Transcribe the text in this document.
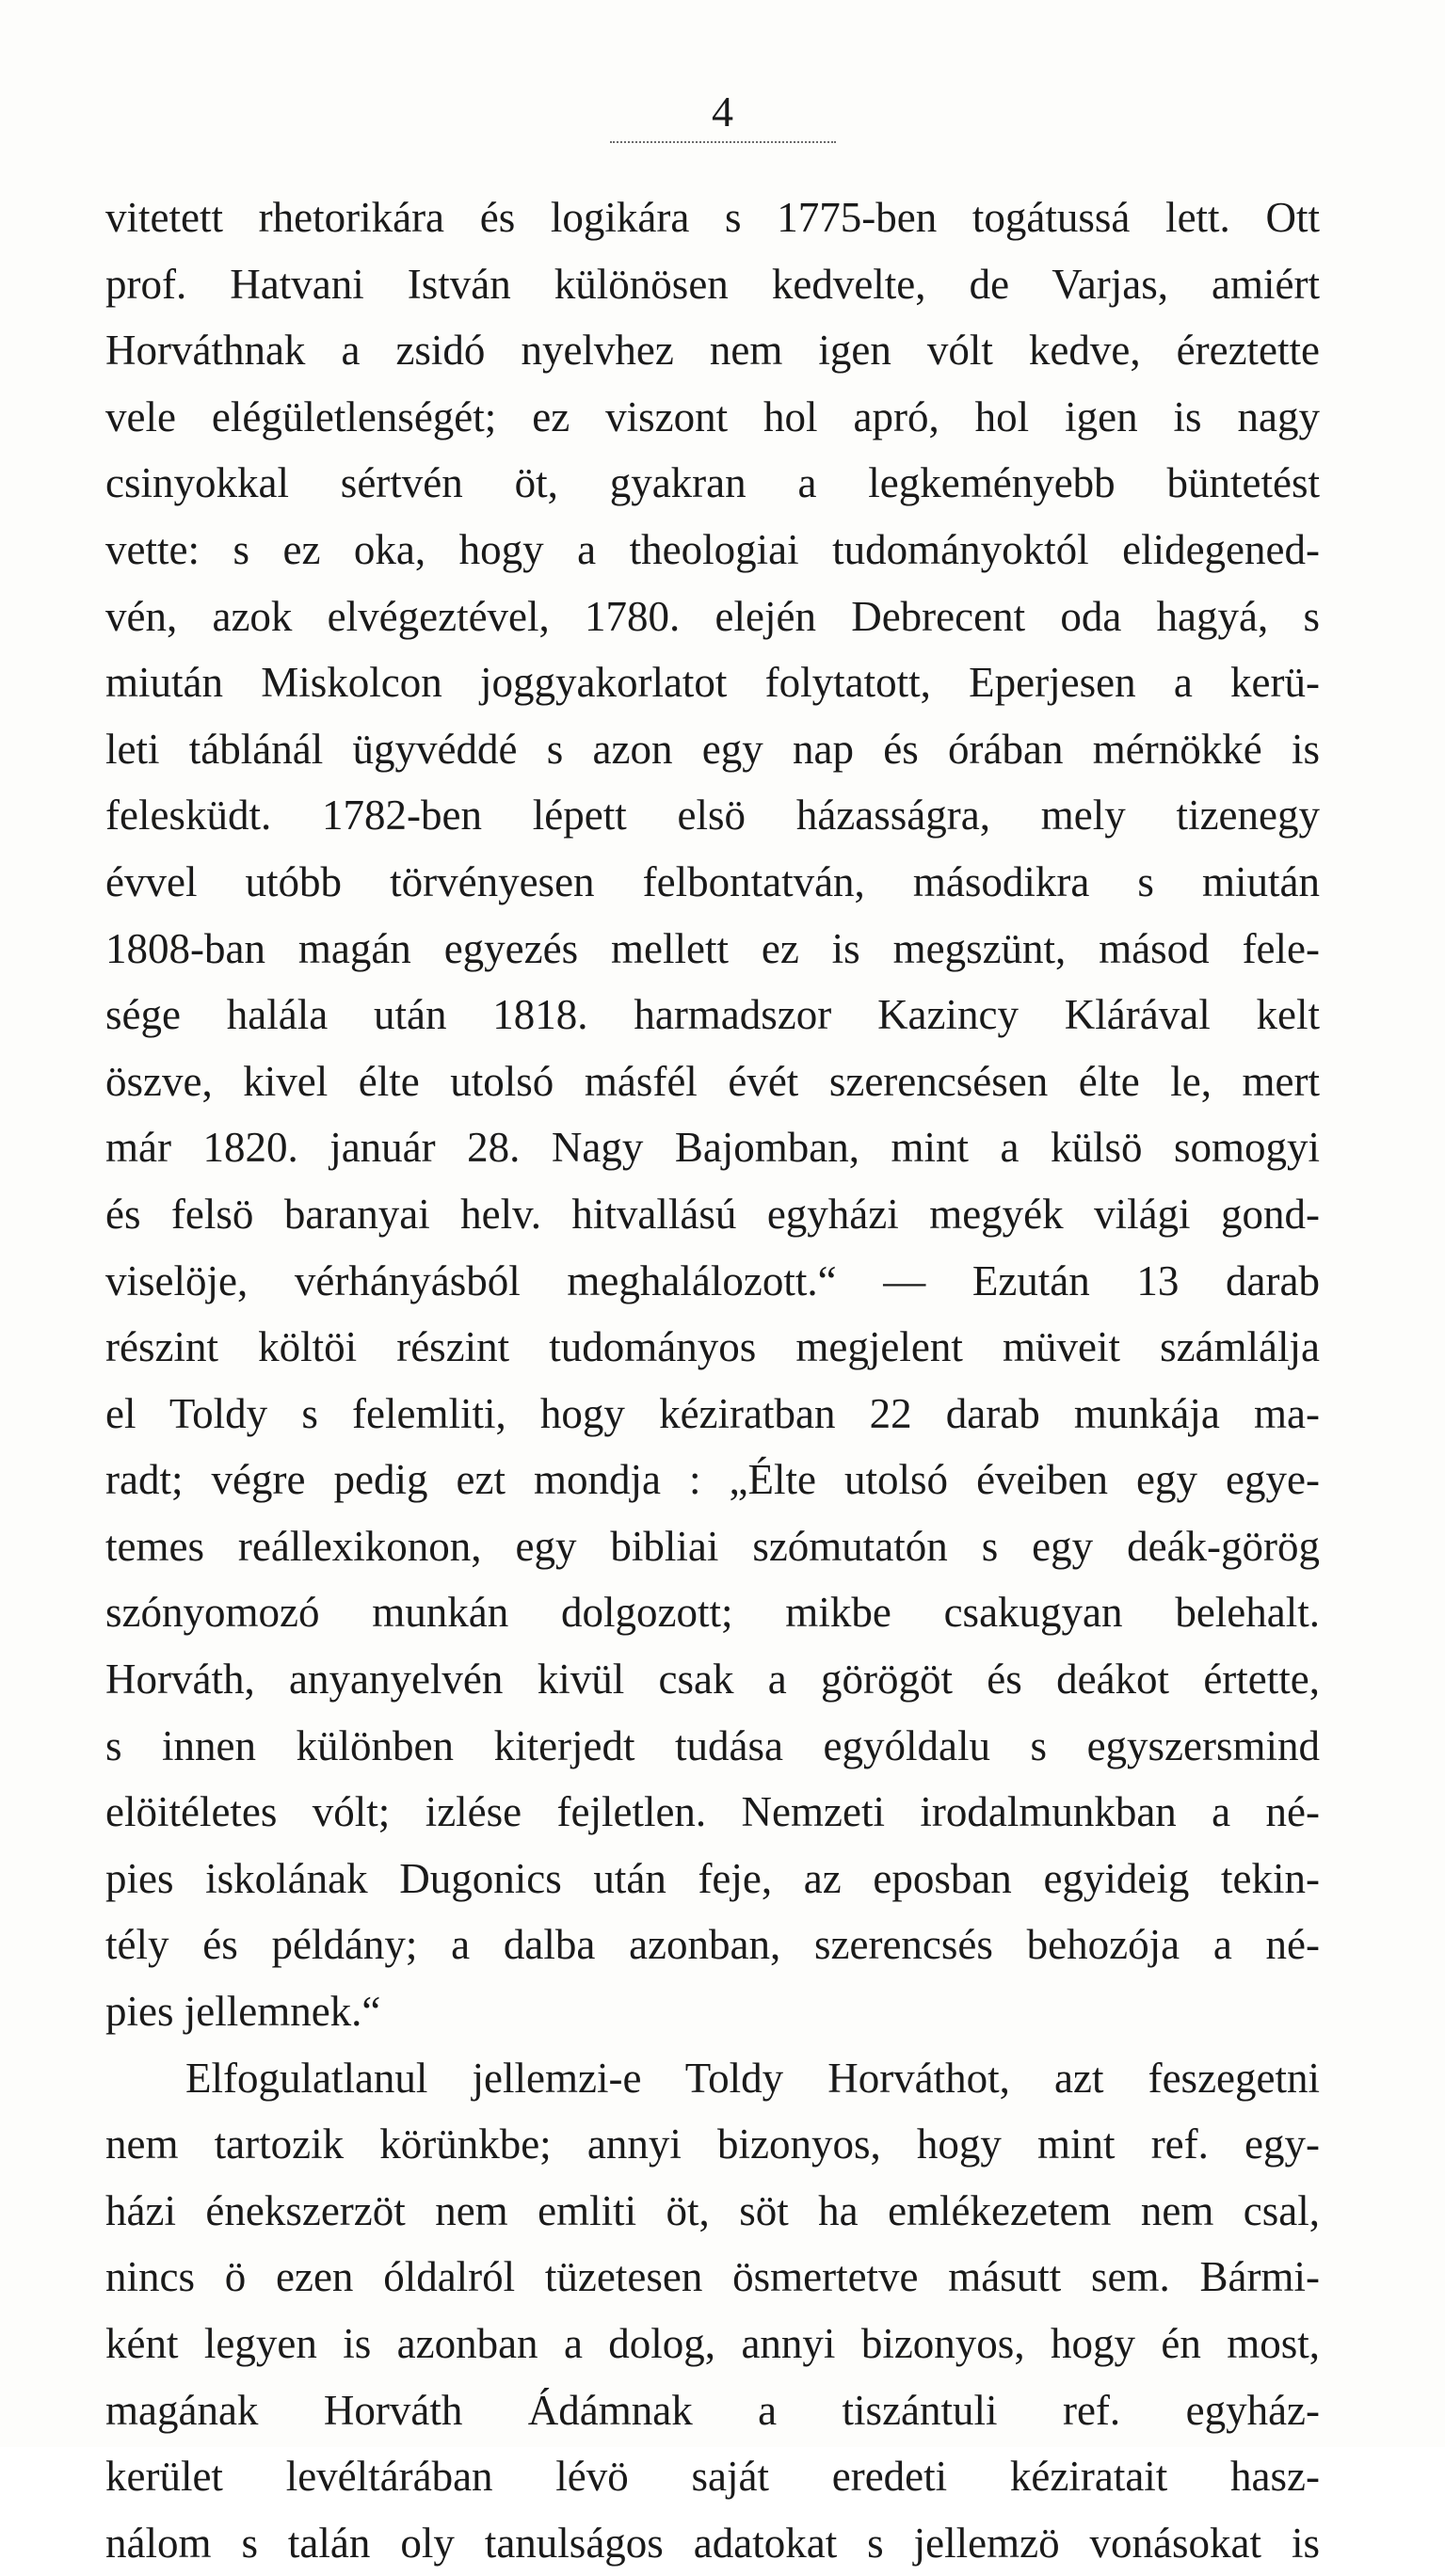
4
vitetett rhetorikára és logikára s 1775-ben togátussá lett. Ott
prof. Hatvani István különösen kedvelte, de Varjas, amiért
Horváthnak a zsidó nyelvhez nem igen vólt kedve, éreztette
vele elégületlenségét; ez viszont hol apró, hol igen is nagy
csinyokkal sértvén öt, gyakran a legkeményebb büntetést
vette: s ez oka, hogy a theologiai tudományoktól elidegened-
vén, azok elvégeztével, 1780. elején Debrecent oda hagyá, s
miután Miskolcon joggyakorlatot folytatott, Eperjesen a kerü-
leti táblánál ügyvéddé s azon egy nap és órában mérnökké is
felesküdt. 1782-ben lépett elsö házasságra, mely tizenegy
évvel utóbb törvényesen felbontatván, másodikra s miután
1808-ban magán egyezés mellett ez is megszünt, másod fele-
sége halála után 1818. harmadszor Kazincy Klárával kelt
öszve, kivel élte utolsó másfél évét szerencsésen élte le, mert
már 1820. január 28. Nagy Bajomban, mint a külsö somogyi
és felsö baranyai helv. hitvallású egyházi megyék világi gond-
viselöje, vérhányásból meghalálozott.“ — Ezután 13 darab
részint költöi részint tudományos megjelent müveit számlálja
el Toldy s felemliti, hogy kéziratban 22 darab munkája ma-
radt; végre pedig ezt mondja : „Élte utolsó éveiben egy egye-
temes reállexikonon, egy bibliai szómutatón s egy deák-görög
szónyomozó munkán dolgozott; mikbe csakugyan belehalt.
Horváth, anyanyelvén kivül csak a görögöt és deákot értette,
s innen különben kiterjedt tudása egyóldalu s egyszersmind
elöitéletes vólt; izlése fejletlen. Nemzeti irodalmunkban a né-
pies iskolának Dugonics után feje, az eposban egyideig tekin-
tély és példány; a dalba azonban, szerencsés behozója a né-
pies jellemnek.“
Elfogulatlanul jellemzi-e Toldy Horváthot, azt feszegetni
nem tartozik körünkbe; annyi bizonyos, hogy mint ref. egy-
házi énekszerzöt nem emliti öt, söt ha emlékezetem nem csal,
nincs ö ezen óldalról tüzetesen ösmertetve másutt sem. Bármi-
ként legyen is azonban a dolog, annyi bizonyos, hogy én most,
magának Horváth Ádámnak a tiszántuli ref. egyház-
kerület levéltárában lévö saját eredeti kéziratait hasz-
nálom s talán oly tanulságos adatokat s jellemzö vonásokat is
